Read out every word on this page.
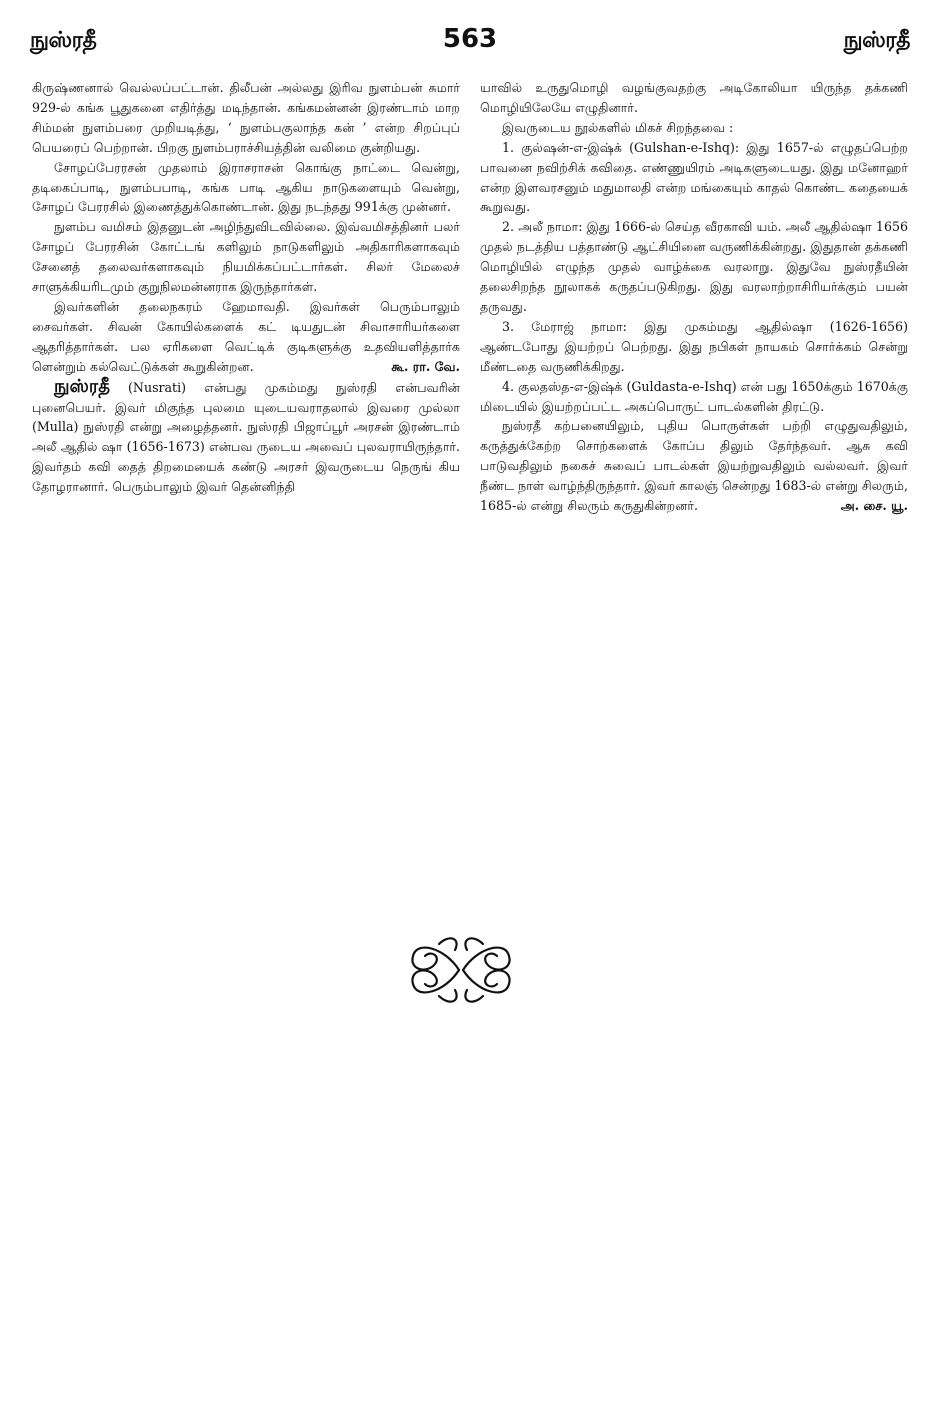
நுஸ்ரதீ	563	நுஸ்ரதீ

கிருஷ்ணனால் வெல்லப்பட்டான். திலீபன் அல்லது இரிவ நுளம்பன் சுமார் 929-ல் கங்க பூதுகனை எதிர்த்து மடிந்தான். கங்கமன்னன் இரண்டாம் மாற சிம்மன் நுளம்பரை முறியடித்து, ‘ நுளம்பகுலாந்த கன் ’ என்ற சிறப்புப் பெயரைப் பெற்றான். பிறகு நுளம்பராச்சியத்தின் வலிமை குன்றியது.

சோழப்பேரரசன் முதலாம் இராசராசன் கொங்கு நாட்டை வென்று, தடிகைப்பாடி, நுளம்பபாடி, கங்க பாடி ஆகிய நாடுகளையும் வென்று, சோழப் பேரரசில் இணைத்துக்கொண்டான். இது நடந்தது 991க்கு முன்னர்.

நுளம்ப வமிசம் இதனுடன் அழிந்துவிடவில்லை. இவ்வமிசத்தினர் பலர் சோழப் பேரரசின் கோட்டங் களிலும் நாடுகளிலும் அதிகாரிகளாகவும் சேனைத் தலைவர்களாகவும் நியமிக்கப்பட்டார்கள். சிலர் மேலைச் சாளுக்கியரிடமும் குறுநிலமன்னராக இருந்தார்கள்.

இவர்களின் தலைநகரம் ஹேமாவதி. இவர்கள் பெரும்பாலும் சைவர்கள். சிவன் கோயில்களைக் கட் டியதுடன் சிவாசாரியர்களை ஆதரித்தார்கள். பல ஏரிகளை வெட்டிக் குடிகளுக்கு உதவியளித்தார்க ளென்றும் கல்வெட்டுக்கள் கூறுகின்றன.	கூ. ரா. வே.

நுஸ்ரதீ (Nusrati) என்பது முகம்மது நுஸ்ரதி என்பவரின் புனைபெயர். இவர் மிகுந்த புலமை யுடையவராதலால் இவரை முல்லா (Mulla) நுஸ்ரதி என்று அழைத்தனர். நுஸ்ரதி பிஜாப்பூர் அரசன் இரண்டாம் அலீ ஆதில் ஷா (1656-1673) என்பவ ருடைய அவைப் புலவராயிருந்தார். இவர்தம் கவி தைத் திறமையைக் கண்டு அரசர் இவருடைய நெருங் கிய தோழரானார். பெரும்பாலும் இவர் தென்னிந்தி

யாவில் உருதுமொழி வழங்குவதற்கு அடிகோலியா யிருந்த தக்கணி மொழியிலேயே எழுதினார்.

இவருடைய நூல்களில் மிகச் சிறந்தவை :

1. குல்ஷன்-எ-இஷ்க் (Gulshan-e-Ishq): இது 1657-ல் எழுதப்பெற்ற பாவனை நவிற்சிக் கவிதை. எண்ணுயிரம் அடிகளுடையது. இது மனோஹர் என்ற இளவரசனும் மதுமாலதி என்ற மங்கையும் காதல் கொண்ட கதையைக் கூறுவது.

2. அலீ நாமா: இது 1666-ல் செய்த வீரகாவி யம். அலீ ஆதில்ஷா 1656 முதல் நடத்திய பத்தாண்டு ஆட்சியினை வருணிக்கின்றது. இதுதான் தக்கணி மொழியில் எழுந்த முதல் வாழ்க்கை வரலாறு. இதுவே நுஸ்ரதீயின் தலைசிறந்த நூலாகக் கருதப்படுகிறது. இது வரலாற்றாசிரியர்க்கும் பயன் தருவது.

3. மேராஜ் நாமா: இது முகம்மது ஆதில்ஷா (1626-1656) ஆண்டபோது இயற்றப் பெற்றது. இது நபிகள் நாயகம் சொர்க்கம் சென்று மீண்டதை வருணிக்கிறது.

4. குலதஸ்த-எ-இஷ்க் (Guldasta-e-Ishq) என் பது 1650க்கும் 1670க்கு மிடையில் இயற்றப்பட்ட அகப்பொருட் பாடல்களின் திரட்டு.

நுஸ்ரதீ கற்பனையிலும், புதிய பொருள்கள் பற்றி எழுதுவதிலும், கருத்துக்கேற்ற சொற்களைக் கோப்ப திலும் தேர்ந்தவர். ஆசு கவி பாடுவதிலும் நகைச் சுவைப் பாடல்கள் இயற்றுவதிலும் வல்லவர். இவர் நீண்ட நாள் வாழ்ந்திருந்தார். இவர் காலஞ் சென்றது 1683-ல் என்று சிலரும், 1685-ல் என்று சிலரும் கருதுகின்றனர்.	அ. சை. யூ.
